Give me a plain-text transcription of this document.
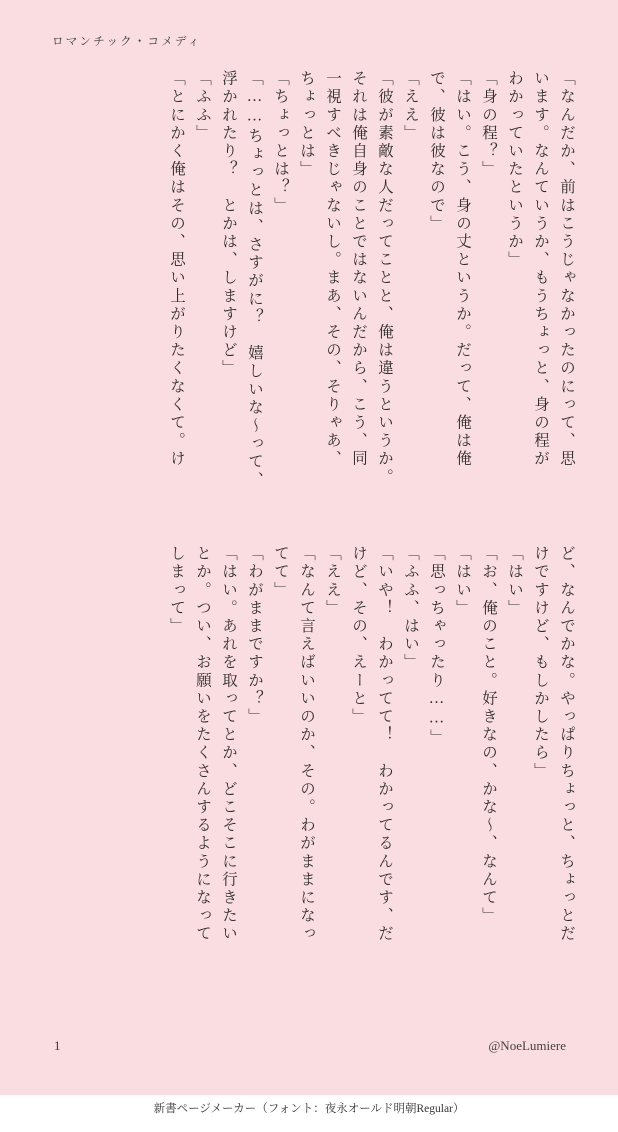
ロマンチック・コメディ
「なんだか、前はこうじゃなかったのにって、思
います。なんていうか、もうちょっと、身の程が
わかっていたというか」
「身の程？」
「はい。こう、身の丈というか。だって、俺は俺
で、彼は彼なので」
「ええ」
「彼が素敵な人だってことと、俺は違うというか。
それは俺自身のことではないんだから、こう、同
一視すべきじゃないし。まあ、その、そりゃあ、
ちょっとは」
「ちょっとは？」
「……ちょっとは、さすがに？　嬉しいな～って、
浮かれたり？　とかは、しますけど」
「ふふ」
「とにかく俺はその、思い上がりたくなくて。け
ど、なんでかな。やっぱりちょっと、ちょっとだ
けですけど、もしかしたら」
「はい」
「お、俺のこと。好きなの、かな～、なんて」
「はい」
「思っちゃったり……」
「ふふ、はい」
「いや！　わかってて！　わかってるんです、だ
けど、その、えーと」
「ええ」
「なんて言えばいいのか、その。わがままになっ
てて」
「わがままですか？」
「はい。あれを取ってとか、どこそこに行きたい
とか。つい、お願いをたくさんするようになって
しまって」
1	@NoeLumiere
新書ページメーカー（フォント：夜永オールド明朝Regular）
